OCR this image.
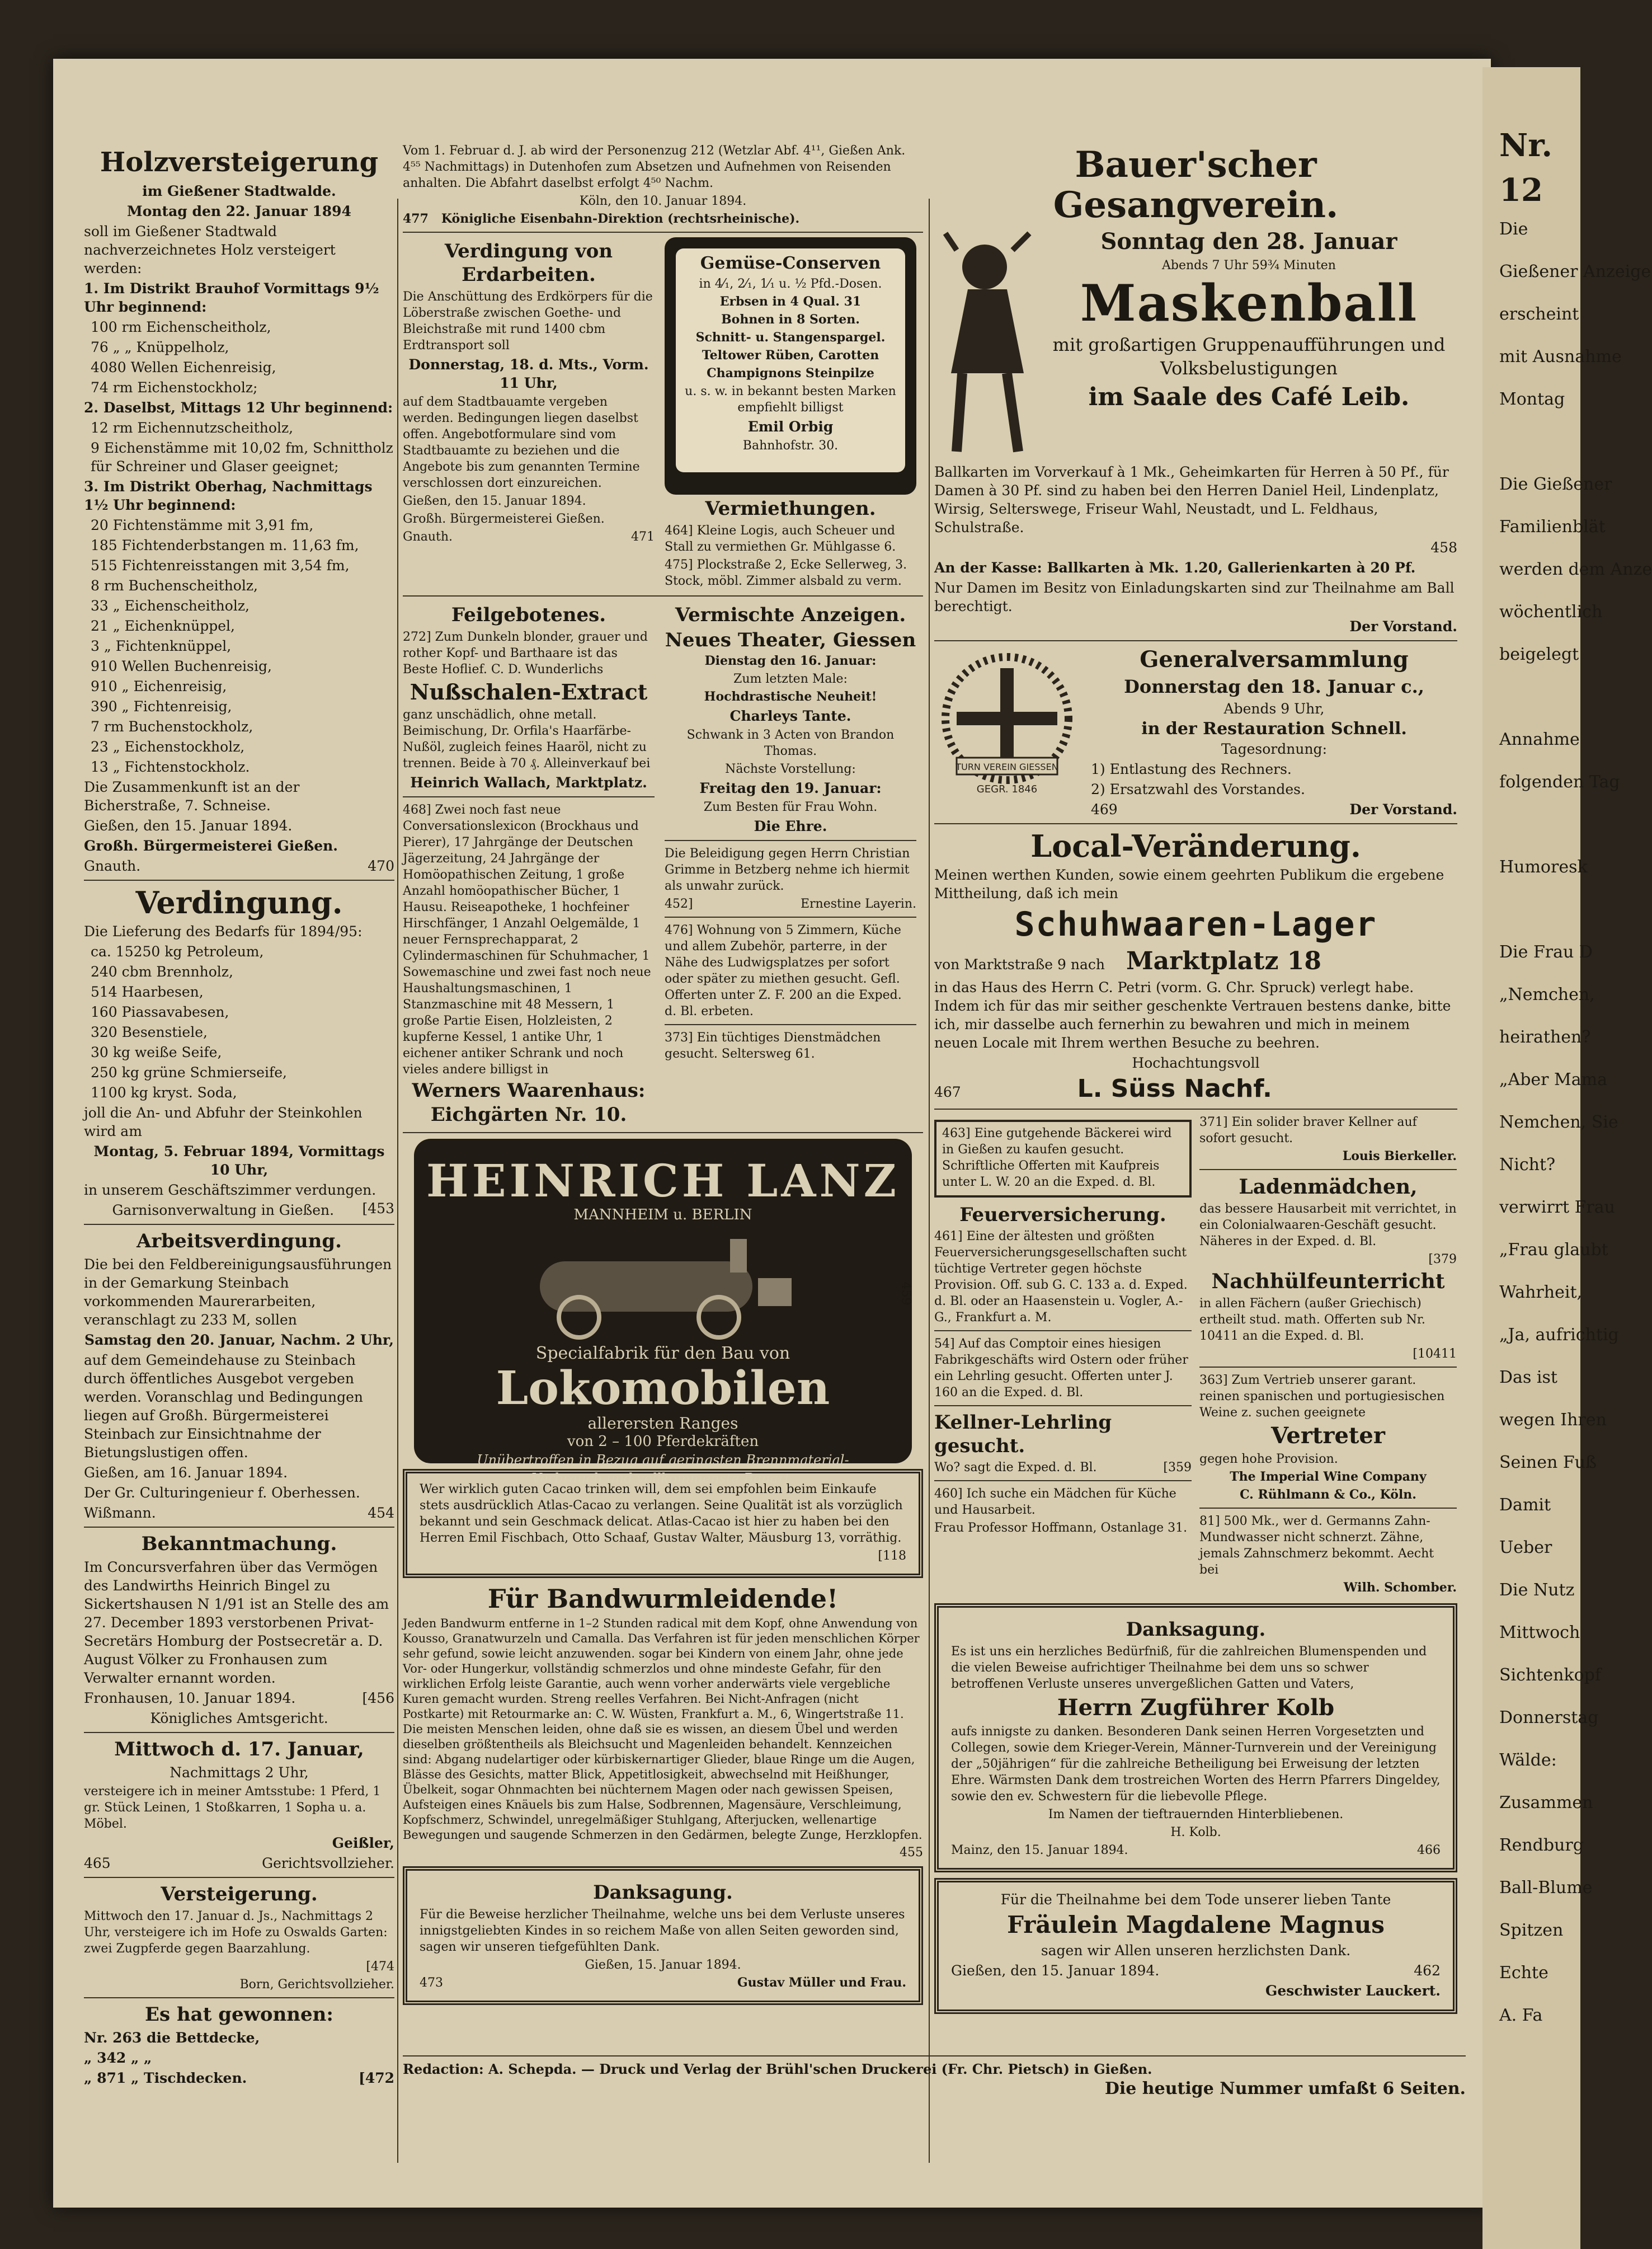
Holzversteigerung

im Gießener Stadtwalde.

Montag den 22. Januar 1894

soll im Gießener Stadtwald nachverzeichnetes Holz versteigert werden:

1. Im Distrikt Brauhof Vormittags 9½ Uhr beginnend:

100 rm Eichenscheitholz,

76 „ „ Knüppelholz,

4080 Wellen Eichenreisig,

74 rm Eichenstockholz;

2. Daselbst, Mittags 12 Uhr beginnend:

12 rm Eichennutzscheitholz,

9 Eichenstämme mit 10,02 fm, Schnittholz für Schreiner und Glaser geeignet;

3. Im Distrikt Oberhag, Nachmittags 1½ Uhr beginnend:

20 Fichtenstämme mit 3,91 fm,

185 Fichtenderbstangen m. 11,63 fm,

515 Fichtenreisstangen mit 3,54 fm,

8 rm Buchenscheitholz,

33 „ Eichenscheitholz,

21 „ Eichenknüppel,

3 „ Fichtenknüppel,

910 Wellen Buchenreisig,

910 „ Eichenreisig,

390 „ Fichtenreisig,

7 rm Buchenstockholz,

23 „ Eichenstockholz,

13 „ Fichtenstockholz.

Die Zusammenkunft ist an der Bicherstraße, 7. Schneise.

Gießen, den 15. Januar 1894.

Großh. Bürgermeisterei Gießen.

Gnauth.	470

Verdingung.

Die Lieferung des Bedarfs für 1894/95:

ca. 15250 kg Petroleum,

240 cbm Brennholz,

514 Haarbesen,

160 Piassavabesen,

320 Besenstiele,

30 kg weiße Seife,

250 kg grüne Schmierseife,

1100 kg kryst. Soda,

joll die An- und Abfuhr der Steinkohlen wird am

Montag, 5. Februar 1894, Vormittags 10 Uhr,

in unserem Geschäftszimmer verdungen.
[453

Garnisonverwaltung in Gießen.

Arbeitsverdingung.

Die bei den Feldbereinigungsausführungen in der Gemarkung Steinbach vorkommenden Maurerarbeiten, veranschlagt zu 233 M, sollen

Samstag den 20. Januar, Nachm. 2 Uhr,

auf dem Gemeindehause zu Steinbach durch öffentliches Ausgebot vergeben werden. Voranschlag und Bedingungen liegen auf Großh. Bürgermeisterei Steinbach zur Einsichtnahme der Bietungslustigen offen.

Gießen, am 16. Januar 1894.

Der Gr. Culturingenieur f. Oberhessen.

Wißmann.	454

Bekanntmachung.

Im Concursverfahren über das Vermögen des Landwirths Heinrich Bingel zu Sickertshausen N 1/91 ist an Stelle des am 27. December 1893 verstorbenen Privat-Secretärs Homburg der Postsecretär a. D. August Völker zu Fronhausen zum Verwalter ernannt worden.

Fronhausen, 10. Januar 1894.	[456

Königliches Amtsgericht.

Mittwoch d. 17. Januar,

Nachmittags 2 Uhr,

versteigere ich in meiner Amtsstube: 1 Pferd, 1 gr. Stück Leinen, 1 Stoßkarren, 1 Sopha u. a. Möbel.

Geißler,

465	Gerichtsvollzieher.

Versteigerung.

Mittwoch den 17. Januar d. Js., Nachmittags 2 Uhr, versteigere ich im Hofe zu Oswalds Garten: zwei Zugpferde gegen Baarzahlung.

[474

Born, Gerichtsvollzieher.

Es hat gewonnen:

Nr. 263 die Bettdecke,

„ 342 „ „

„ 871 „ Tischdecken.	[472

Vom 1. Februar d. J. ab wird der Personenzug 212 (Wetzlar Abf. 4¹¹, Gießen Ank. 4⁵⁵ Nachmittags) in Dutenhofen zum Absetzen und Aufnehmen von Reisenden anhalten. Die Abfahrt daselbst erfolgt 4⁵⁰ Nachm.

Köln, den 10. Januar 1894.

477 Königliche Eisenbahn-Direktion (rechtsrheinische).

Verdingung von Erdarbeiten.

Die Anschüttung des Erdkörpers für die Löberstraße zwischen Goethe- und Bleichstraße mit rund 1400 cbm Erdtransport soll

Donnerstag, 18. d. Mts., Vorm. 11 Uhr,

auf dem Stadtbauamte vergeben werden. Bedingungen liegen daselbst offen. Angebotformulare sind vom Stadtbauamte zu beziehen und die Angebote bis zum genannten Termine verschlossen dort einzureichen.

Gießen, den 15. Januar 1894.

Großh. Bürgermeisterei Gießen.

Gnauth.	471

Gemüse-Conserven

in 4⁄₁, 2⁄₁, 1⁄₁ u. ½ Pfd.-Dosen.

Erbsen in 4 Qual. 31

Bohnen in 8 Sorten.

Schnitt- u. Stangenspargel.

Teltower Rüben, Carotten

Champignons Steinpilze

u. s. w. in bekannt besten Marken empfiehlt billigst

Emil Orbig

Bahnhofstr. 30.

Vermiethungen.

464] Kleine Logis, auch Scheuer und Stall zu vermiethen Gr. Mühlgasse 6.

475] Plockstraße 2, Ecke Sellerweg, 3. Stock, möbl. Zimmer alsbald zu verm.

Feilgebotenes.

272] Zum Dunkeln blonder, grauer und rother Kopf- und Barthaare ist das Beste Hoflief. C. D. Wunderlichs

Nußschalen-Extract

ganz unschädlich, ohne metall. Beimischung, Dr. Orfila's Haarfärbe-Nußöl, zugleich feines Haaröl, nicht zu trennen. Beide à 70 ₰. Alleinverkauf bei

Heinrich Wallach, Marktplatz.

468] Zwei noch fast neue Conversationslexicon (Brockhaus und Pierer), 17 Jahrgänge der Deutschen Jägerzeitung, 24 Jahrgänge der Homöopathischen Zeitung, 1 große Anzahl homöopathischer Bücher, 1 Hausu. Reiseapotheke, 1 hochfeiner Hirschfänger, 1 Anzahl Oelgemälde, 1 neuer Fernsprechapparat, 2 Cylindermaschinen für Schuhmacher, 1 Sowemaschine und zwei fast noch neue Haushaltungsmaschinen, 1 Stanzmaschine mit 48 Messern, 1 große Partie Eisen, Holzleisten, 2 kupferne Kessel, 1 antike Uhr, 1 eichener antiker Schrank und noch vieles andere billigst in

Werners Waarenhaus:

Eichgärten Nr. 10.

Vermischte Anzeigen.

Neues Theater, Giessen

Dienstag den 16. Januar:

Zum letzten Male:

Hochdrastische Neuheit!

Charleys Tante.

Schwank in 3 Acten von Brandon Thomas.

Nächste Vorstellung:

Freitag den 19. Januar:

Zum Besten für Frau Wohn.

Die Ehre.

Die Beleidigung gegen Herrn Christian Grimme in Betzberg nehme ich hiermit als unwahr zurück.

452]	Ernestine Layerin.

476] Wohnung von 5 Zimmern, Küche und allem Zubehör, parterre, in der Nähe des Ludwigsplatzes per sofort oder später zu miethen gesucht. Gefl. Offerten unter Z. F. 200 an die Exped. d. Bl. erbeten.

373] Ein tüchtiges Dienstmädchen gesucht. Seltersweg 61.

HEINRICH LANZ
MANNHEIM u. BERLIN
Specialfabrik für den Bau von
Lokomobilen
allerersten Ranges
von 2 – 100 Pferdekräften
Unübertroffen in Bezug auf geringsten Brennmaterial-
Verbrauch und vollkommenste Bauart.
459

Wer wirklich guten Cacao trinken will, dem sei empfohlen beim Einkaufe stets ausdrücklich Atlas-Cacao zu verlangen. Seine Qualität ist als vorzüglich bekannt und sein Geschmack delicat. Atlas-Cacao ist hier zu haben bei den Herren Emil Fischbach, Otto Schaaf, Gustav Walter, Mäusburg 13, vorräthig.

[118

Für Bandwurmleidende!

Jeden Bandwurm entferne in 1–2 Stunden radical mit dem Kopf, ohne Anwendung von Kousso, Granatwurzeln und Camalla. Das Verfahren ist für jeden menschlichen Körper sehr gefund, sowie leicht anzuwenden. sogar bei Kindern von einem Jahr, ohne jede Vor- oder Hungerkur, vollständig schmerzlos und ohne mindeste Gefahr, für den wirklichen Erfolg leiste Garantie, auch wenn vorher anderwärts viele vergebliche Kuren gemacht wurden. Streng reelles Verfahren. Bei Nicht-Anfragen (nicht Postkarte) mit Retourmarke an: C. W. Wüsten, Frankfurt a. M., 6, Wingertstraße 11. Die meisten Menschen leiden, ohne daß sie es wissen, an diesem Übel und werden dieselben größtentheils als Bleichsucht und Magenleiden behandelt. Kennzeichen sind: Abgang nudelartiger oder kürbiskernartiger Glieder, blaue Ringe um die Augen, Blässe des Gesichts, matter Blick, Appetitlosigkeit, abwechselnd mit Heißhunger, Übelkeit, sogar Ohnmachten bei nüchternem Magen oder nach gewissen Speisen, Aufsteigen eines Knäuels bis zum Halse, Sodbrennen, Magensäure, Verschleimung, Kopfschmerz, Schwindel, unregelmäßiger Stuhlgang, Afterjucken, wellenartige Bewegungen und saugende Schmerzen in den Gedärmen, belegte Zunge, Herzklopfen.

455

Danksagung.

Für die Beweise herzlicher Theilnahme, welche uns bei dem Verluste unseres innigstgeliebten Kindes in so reichem Maße von allen Seiten geworden sind, sagen wir unseren tiefgefühlten Dank.

Gießen, 15. Januar 1894.

473	Gustav Müller und Frau.

Bauer'scher Gesangverein.

Sonntag den 28. Januar

Abends 7 Uhr 59¾ Minuten

Maskenball

mit großartigen Gruppenaufführungen und Volksbelustigungen

im Saale des Café Leib.

Ballkarten im Vorverkauf à 1 Mk., Geheimkarten für Herren à 50 Pf., für Damen à 30 Pf. sind zu haben bei den Herren Daniel Heil, Lindenplatz, Wirsig, Selterswege, Friseur Wahl, Neustadt, und L. Feldhaus, Schulstraße.

458

An der Kasse: Ballkarten à Mk. 1.20, Gallerienkarten à 20 Pf.

Nur Damen im Besitz von Einladungskarten sind zur Theilnahme am Ball berechtigt.

Der Vorstand.

TURN VEREIN GIESSEN
GEGR. 1846

Generalversammlung

Donnerstag den 18. Januar c.,

Abends 9 Uhr,

in der Restauration Schnell.

Tagesordnung:

1) Entlastung des Rechners.

2) Ersatzwahl des Vorstandes.

469	Der Vorstand.

Local-Veränderung.

Meinen werthen Kunden, sowie einem geehrten Publikum die ergebene Mittheilung, daß ich mein

Schuhwaaren-Lager

von Marktstraße 9 nach Marktplatz 18

in das Haus des Herrn C. Petri (vorm. G. Chr. Spruck) verlegt habe. Indem ich für das mir seither geschenkte Vertrauen bestens danke, bitte ich, mir dasselbe auch fernerhin zu bewahren und mich in meinem neuen Locale mit Ihrem werthen Besuche zu beehren.

Hochachtungsvoll

467	L. Süss Nachf.

463] Eine gutgehende Bäckerei wird in Gießen zu kaufen gesucht. Schriftliche Offerten mit Kaufpreis unter L. W. 20 an die Exped. d. Bl.

Feuerversicherung.

461] Eine der ältesten und größten Feuerversicherungsgesellschaften sucht tüchtige Vertreter gegen höchste Provision. Off. sub G. C. 133 a. d. Exped. d. Bl. oder an Haasenstein u. Vogler, A.-G., Frankfurt a. M.

54] Auf das Comptoir eines hiesigen Fabrikgeschäfts wird Ostern oder früher ein Lehrling gesucht. Offerten unter J. 160 an die Exped. d. Bl.

Kellner-Lehrling gesucht.

Wo? sagt die Exped. d. Bl.	[359

460] Ich suche ein Mädchen für Küche und Hausarbeit.

Frau Professor Hoffmann, Ostanlage 31.

371] Ein solider braver Kellner auf sofort gesucht.

Louis Bierkeller.

Ladenmädchen,

das bessere Hausarbeit mit verrichtet, in ein Colonialwaaren-Geschäft gesucht. Näheres in der Exped. d. Bl.

[379

Nachhülfeunterricht

in allen Fächern (außer Griechisch) ertheilt stud. math. Offerten sub Nr. 10411 an die Exped. d. Bl.

[10411

363] Zum Vertrieb unserer garant. reinen spanischen und portugiesischen Weine z. suchen geeignete

Vertreter

gegen hohe Provision.

The Imperial Wine Company

C. Rühlmann & Co., Köln.

81] 500 Mk., wer d. Germanns Zahn-Mundwasser nicht schnerzt. Zähne, jemals Zahnschmerz bekommt. Aecht bei

Wilh. Schomber.

Danksagung.

Es ist uns ein herzliches Bedürfniß, für die zahlreichen Blumenspenden und die vielen Beweise aufrichtiger Theilnahme bei dem uns so schwer betroffenen Verluste unseres unvergeßlichen Gatten und Vaters,

Herrn Zugführer Kolb

aufs innigste zu danken. Besonderen Dank seinen Herren Vorgesetzten und Collegen, sowie dem Krieger-Verein, Männer-Turnverein und der Vereinigung der „50jährigen“ für die zahlreiche Betheiligung bei Erweisung der letzten Ehre. Wärmsten Dank dem trostreichen Worten des Herrn Pfarrers Dingeldey, sowie den ev. Schwestern für die liebevolle Pflege.

Im Namen der tieftrauernden Hinterbliebenen.

H. Kolb.

Mainz, den 15. Januar 1894.	466

Für die Theilnahme bei dem Tode unserer lieben Tante

Fräulein Magdalene Magnus

sagen wir Allen unseren herzlichsten Dank.

Gießen, den 15. Januar 1894.	462

Geschwister Lauckert.

Redaction: A. Schepda. — Druck und Verlag der Brühl'schen Druckerei (Fr. Chr. Pietsch) in Gießen.

Die heutige Nummer umfaßt 6 Seiten.

Nr. 12

Die
Gießener Anzeige
erscheint
mit Ausnahme
Montag
Die Gießener
Familienblät
werden dem Anze
wöchentlich
beigelegt
Annahme
folgenden Tag
Humoresk
Die Frau D
„Nemchen,
heirathen?
„Aber Mama
Nemchen, Sie
Nicht?
verwirrt Frau
„Frau glaubt
Wahrheit,
„Ja, aufrichtig
Das ist
wegen Ihren
Seinen Fuß
Damit
Ueber
Die Nutz
Mittwoch
Sichtenkopf
Donnerstag
Wälde:
Zusammen
Rendburg
Ball-Blume
Spitzen
Echte
A. Fa
